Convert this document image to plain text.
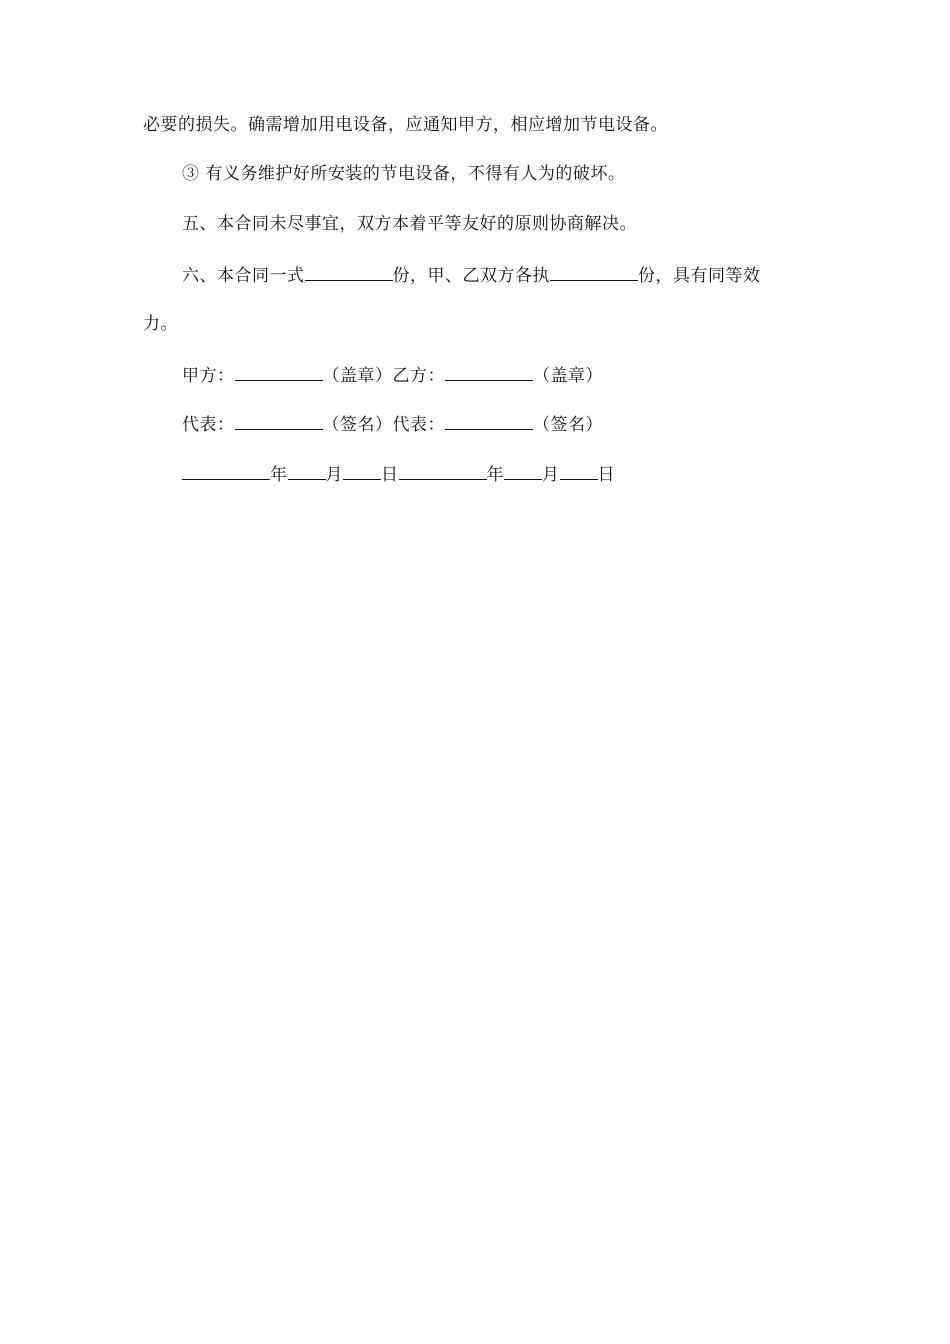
必要的损失。确需增加用电设备，应通知甲方，相应增加节电设备。
③ 有义务维护好所安装的节电设备，不得有人为的破坏。
五、本合同未尽事宜，双方本着平等友好的原则协商解决。
六、本合同一式	份，甲、乙双方各执	份，具有同等效
力。
甲方：	（盖章）乙方：	（盖章）
代表：	（签名）代表：	（签名）
年 月 日	年 月 日
